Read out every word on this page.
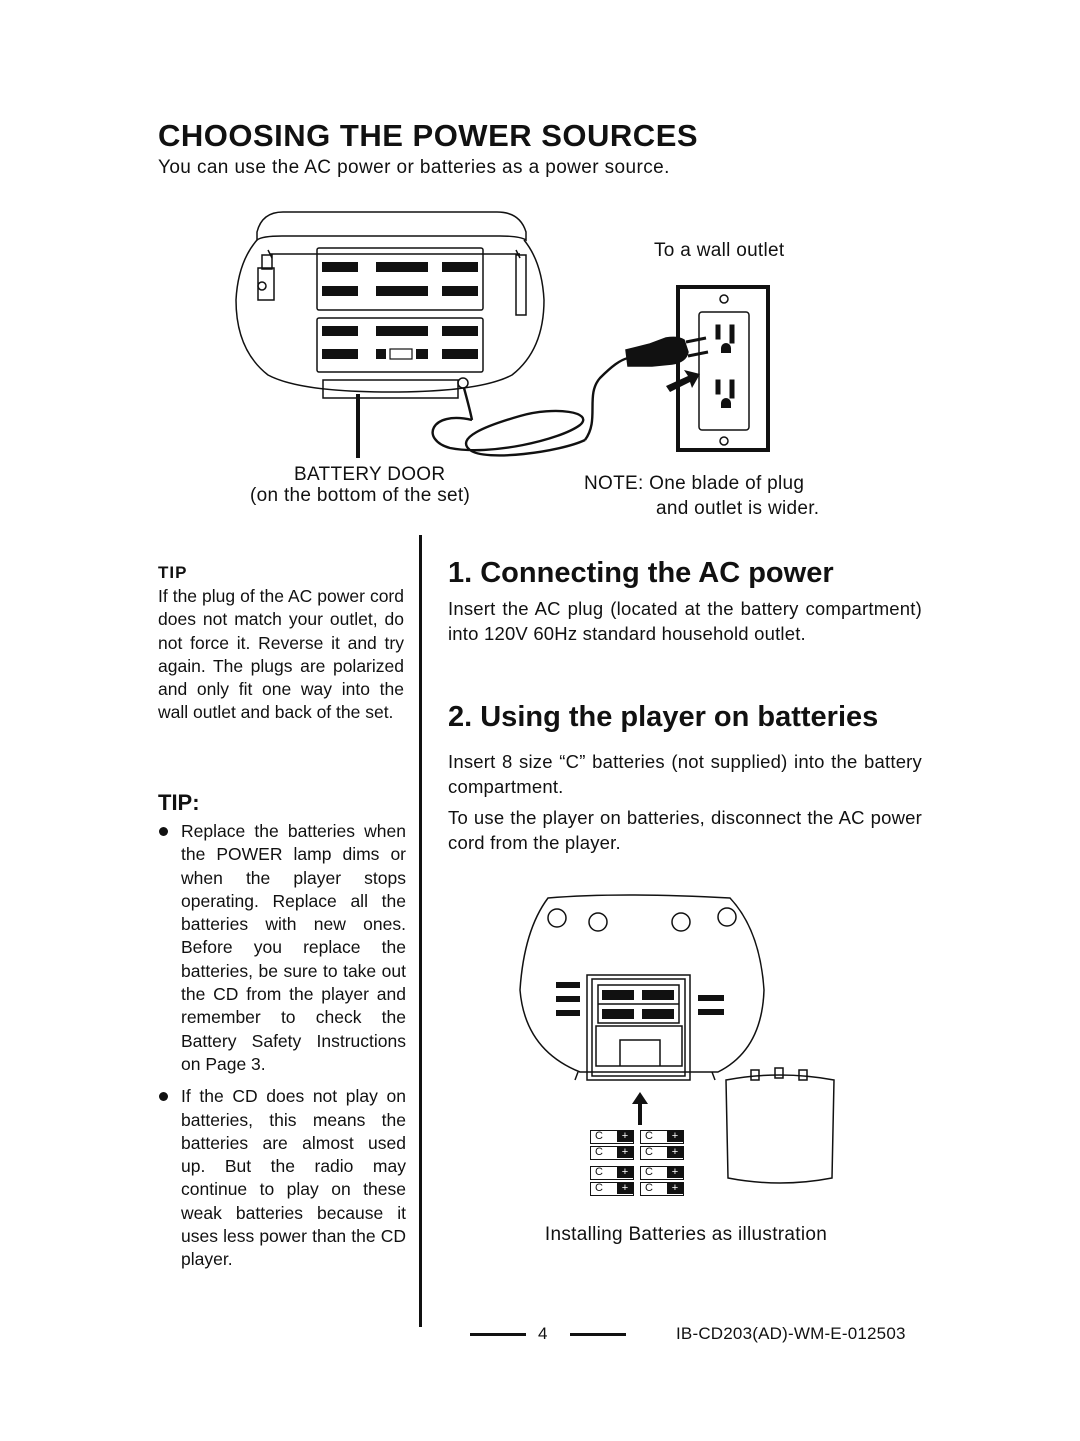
CHOOSING THE POWER SOURCES
You can use the AC power or batteries as a power source.
To a wall outlet
BATTERY DOOR
(on the bottom of the set)
NOTE: One blade of plug
and outlet is wider.
TIP
If the plug of the AC power cord does not match your outlet, do not force it. Reverse it and try again. The plugs are polarized and only fit one way into the wall outlet and back of the set.
TIP:
Replace the batteries when the POWER lamp dims or when the player stops operating. Replace all the batteries with new ones. Before you replace the batteries, be sure to take out the CD from the player and remember to check the Battery Safety Instructions on Page 3.
If the CD does not play on batteries, this means the batteries are almost used up. But the radio may continue to play on these weak batteries because it uses less power than the CD player.
1. Connecting the AC power

Insert the AC plug (located at the battery compartment) into 120V 60Hz standard household outlet.

2. Using the player on batteries

Insert 8 size “C” batteries (not supplied) into the battery compartment.

To use the player on batteries, disconnect the AC power cord from the player.

C	+
C	+
C	+
C	+
C	+
C	+
C	+
C	+
Installing Batteries as illustration
4	IB-CD203(AD)-WM-E-012503
